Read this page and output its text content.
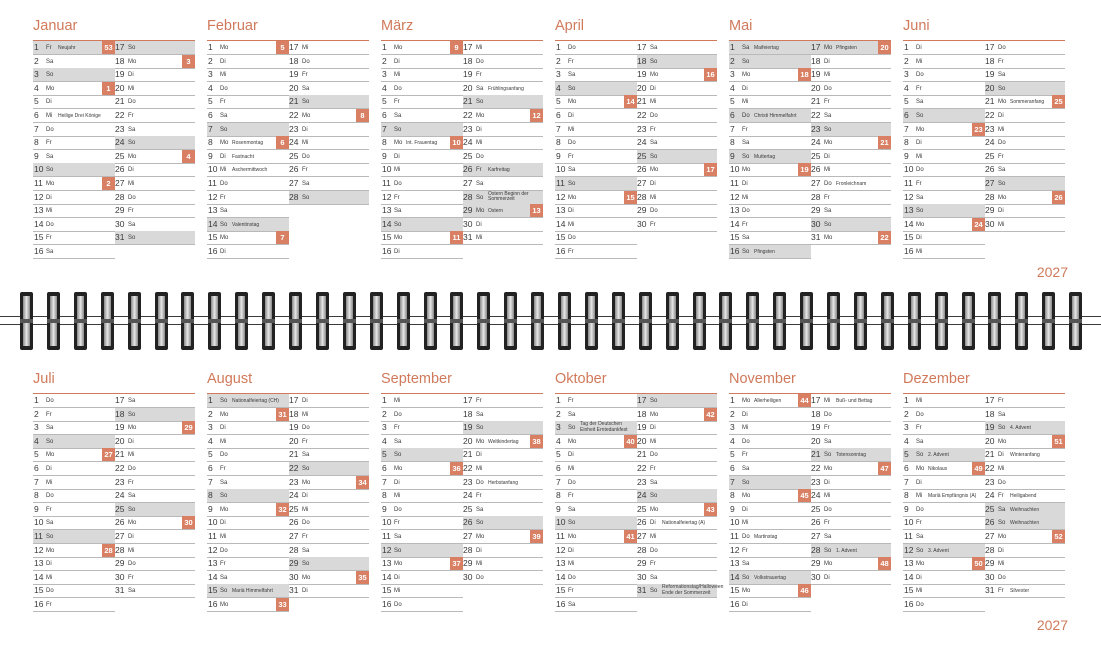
Januar
1 Fr Neujahr	53
2 Sa
3 So
4 Mo	1
5 Di
6 Mi Heilige Drei Könige
7 Do
8 Fr
9 Sa
10 So
11 Mo	2
12 Di
13 Mi
14 Do
15 Fr
16 Sa
17 So
18 Mo	3
19 Di
20 Mi
21 Do
22 Fr
23 Sa
24 So
25 Mo	4
26 Di
27 Mi
28 Do
29 Fr
30 Sa
31 So
Februar
1 Mo	5
2 Di
3 Mi
4 Do
5 Fr
6 Sa
7 So
8 Mo Rosenmontag	6
9 Di Fastnacht
10 Mi Aschermittwoch
11 Do
12 Fr
13 Sa
14 So Valentinstag
15 Mo	7
16 Di
17 Mi
18 Do
19 Fr
20 Sa
21 So
22 Mo	8
23 Di
24 Mi
25 Do
26 Fr
27 Sa
28 So
März
1 Mo	9
2 Di
3 Mi
4 Do
5 Fr
6 Sa
7 So
8 Mo Int. Frauentag	10
9 Di
10 Mi
11 Do
12 Fr
13 Sa
14 So
15 Mo	11
16 Di
17 Mi
18 Do
19 Fr
20 Sa Frühlingsanfang
21 So
22 Mo	12
23 Di
24 Mi
25 Do
26 Fr Karfreitag
27 Sa
28 So
Ostern Beginn der Sommerzeit
29 Mo Ostern	13
30 Di
31 Mi
April
1 Do
2 Fr
3 Sa
4 So
5 Mo	14
6 Di
7 Mi
8 Do
9 Fr
10 Sa
11 So
12 Mo	15
13 Di
14 Mi
15 Do
16 Fr
17 Sa
18 So
19 Mo	16
20 Di
21 Mi
22 Do
23 Fr
24 Sa
25 So
26 Mo	17
27 Di
28 Mi
29 Do
30 Fr
Mai
1 Sa Maifeiertag
2 So
3 Mo	18
4 Di
5 Mi
6 Do Christi Himmelfahrt
7 Fr
8 Sa
9 So Muttertag
10 Mo	19
11 Di
12 Mi
13 Do
14 Fr
15 Sa
16 So Pfingsten
17 Mo Pfingsten	20
18 Di
19 Mi
20 Do
21 Fr
22 Sa
23 So
24 Mo	21
25 Di
26 Mi
27 Do Fronleichnam
28 Fr
29 Sa
30 So
31 Mo	22
Juni
1 Di
2 Mi
3 Do
4 Fr
5 Sa
6 So
7 Mo	23
8 Di
9 Mi
10 Do
11 Fr
12 Sa
13 So
14 Mo	24
15 Di
16 Mi
17 Do
18 Fr
19 Sa
20 So
21 Mo Sommeranfang	25
22 Di
23 Mi
24 Do
25 Fr
26 Sa
27 So
28 Mo	26
29 Di
30 Mi
Juli
1 Do
2 Fr
3 Sa
4 So
5 Mo	27
6 Di
7 Mi
8 Do
9 Fr
10 Sa
11 So
12 Mo	28
13 Di
14 Mi
15 Do
16 Fr
17 Sa
18 So
19 Mo	29
20 Di
21 Mi
22 Do
23 Fr
24 Sa
25 So
26 Mo	30
27 Di
28 Mi
29 Do
30 Fr
31 Sa
August
1 So Nationalfeiertag (CH)
2 Mo	31
3 Di
4 Mi
5 Do
6 Fr
7 Sa
8 So
9 Mo	32
10 Di
11 Mi
12 Do
13 Fr
14 Sa
15 So Mariä Himmelfahrt
16 Mo	33
17 Di
18 Mi
19 Do
20 Fr
21 Sa
22 So
23 Mo	34
24 Di
25 Mi
26 Do
27 Fr
28 Sa
29 So
30 Mo	35
31 Di
September
1 Mi
2 Do
3 Fr
4 Sa
5 So
6 Mo	36
7 Di
8 Mi
9 Do
10 Fr
11 Sa
12 So
13 Mo	37
14 Di
15 Mi
16 Do
17 Fr
18 Sa
19 So
20 Mo Weltkindertag	38
21 Di
22 Mi
23 Do Herbstanfang
24 Fr
25 Sa
26 So
27 Mo	39
28 Di
29 Mi
30 Do
Oktober
1 Fr
2 Sa
3 So
Tag der Deutschen Einheit Erntedankfest
4 Mo	40
5 Di
6 Mi
7 Do
8 Fr
9 Sa
10 So
11 Mo	41
12 Di
13 Mi
14 Do
15 Fr
16 Sa
17 So
18 Mo	42
19 Di
20 Mi
21 Do
22 Fr
23 Sa
24 So
25 Mo	43
26 Di Nationalfeiertag (A)
27 Mi
28 Do
29 Fr
30 Sa
31 So
Reformationstag/Halloween Ende der Sommerzeit
November
1 Mo Allerheiligen	44
2 Di
3 Mi
4 Do
5 Fr
6 Sa
7 So
8 Mo	45
9 Di
10 Mi
11 Do Martinstag
12 Fr
13 Sa
14 So Volkstrauertag
15 Mo	46
16 Di
17 Mi Buß- und Bettag
18 Do
19 Fr
20 Sa
21 So Totensonntag
22 Mo	47
23 Di
24 Mi
25 Do
26 Fr
27 Sa
28 So 1. Advent
29 Mo	48
30 Di
Dezember
1 Mi
2 Do
3 Fr
4 Sa
5 So 2. Advent
6 Mo Nikolaus	49
7 Di
8 Mi Mariä Empfängnis (A)
9 Do
10 Fr
11 Sa
12 So 3. Advent
13 Mo	50
14 Di
15 Mi
16 Do
17 Fr
18 Sa
19 So 4. Advent
20 Mo	51
21 Di Winteranfang
22 Mi
23 Do
24 Fr Heiligabend
25 Sa Weihnachten
26 So Weihnachten
27 Mo	52
28 Di
29 Mi
30 Do
31 Fr Silvester
2027
2027
